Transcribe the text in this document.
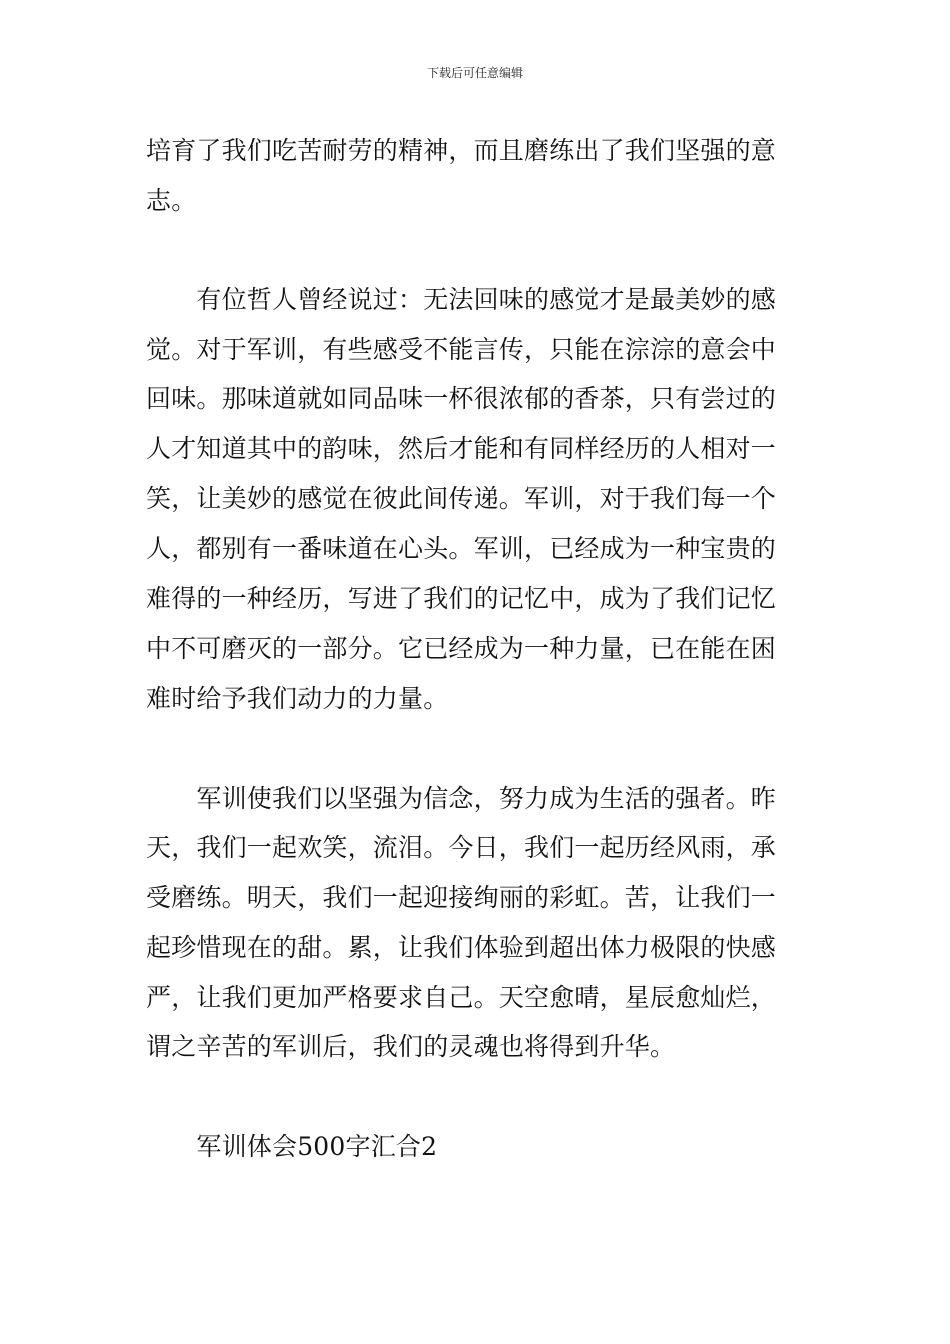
下载后可任意编辑
培育了我们吃苦耐劳的精神，而且磨练出了我们坚强的意
志。
　　有位哲人曾经说过：无法回味的感觉才是最美妙的感
觉。对于军训，有些感受不能言传，只能在淙淙的意会中
回味。那味道就如同品味一杯很浓郁的香茶，只有尝过的
人才知道其中的韵味，然后才能和有同样经历的人相对一
笑，让美妙的感觉在彼此间传递。军训，对于我们每一个
人，都别有一番味道在心头。军训，已经成为一种宝贵的
难得的一种经历，写进了我们的记忆中，成为了我们记忆
中不可磨灭的一部分。它已经成为一种力量，已在能在困
难时给予我们动力的力量。
　　军训使我们以坚强为信念，努力成为生活的强者。昨
天，我们一起欢笑，流泪。今日，我们一起历经风雨，承
受磨练。明天，我们一起迎接绚丽的彩虹。苦，让我们一
起珍惜现在的甜。累，让我们体验到超出体力极限的快感
严，让我们更加严格要求自己。天空愈晴，星辰愈灿烂，
谓之辛苦的军训后，我们的灵魂也将得到升华。
　　军训体会500字汇合2
